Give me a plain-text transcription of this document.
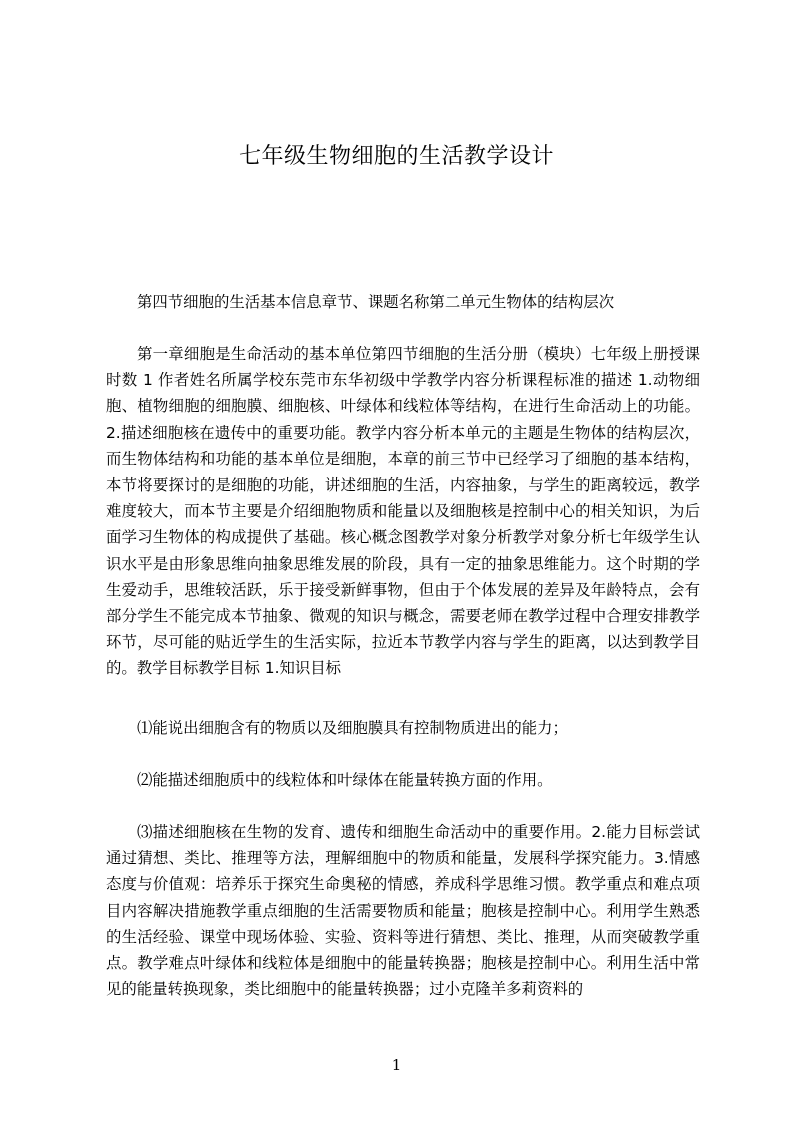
七年级生物细胞的生活教学设计
第四节细胞的生活基本信息章节、课题名称第二单元生物体的结构层次
第一章细胞是生命活动的基本单位第四节细胞的生活分册（模块）七年级上册授课时数 1 作者姓名所属学校东莞市东华初级中学教学内容分析课程标准的描述 1.动物细胞、植物细胞的细胞膜、细胞核、叶绿体和线粒体等结构，在进行生命活动上的功能。2.描述细胞核在遗传中的重要功能。教学内容分析本单元的主题是生物体的结构层次，而生物体结构和功能的基本单位是细胞，本章的前三节中已经学习了细胞的基本结构，本节将要探讨的是细胞的功能，讲述细胞的生活，内容抽象，与学生的距离较远，教学难度较大，而本节主要是介绍细胞物质和能量以及细胞核是控制中心的相关知识，为后面学习生物体的构成提供了基础。核心概念图教学对象分析教学对象分析七年级学生认识水平是由形象思维向抽象思维发展的阶段，具有一定的抽象思维能力。这个时期的学生爱动手，思维较活跃，乐于接受新鲜事物，但由于个体发展的差异及年龄特点，会有部分学生不能完成本节抽象、微观的知识与概念，需要老师在教学过程中合理安排教学环节，尽可能的贴近学生的生活实际，拉近本节教学内容与学生的距离，以达到教学目的。教学目标教学目标 1.知识目标
⑴能说出细胞含有的物质以及细胞膜具有控制物质进出的能力；
⑵能描述细胞质中的线粒体和叶绿体在能量转换方面的作用。
⑶描述细胞核在生物的发育、遗传和细胞生命活动中的重要作用。2.能力目标尝试通过猜想、类比、推理等方法，理解细胞中的物质和能量，发展科学探究能力。3.情感态度与价值观：培养乐于探究生命奥秘的情感，养成科学思维习惯。教学重点和难点项目内容解决措施教学重点细胞的生活需要物质和能量；胞核是控制中心。利用学生熟悉的生活经验、课堂中现场体验、实验、资料等进行猜想、类比、推理，从而突破教学重点。教学难点叶绿体和线粒体是细胞中的能量转换器；胞核是控制中心。利用生活中常见的能量转换现象，类比细胞中的能量转换器；过小克隆羊多莉资料的
1
